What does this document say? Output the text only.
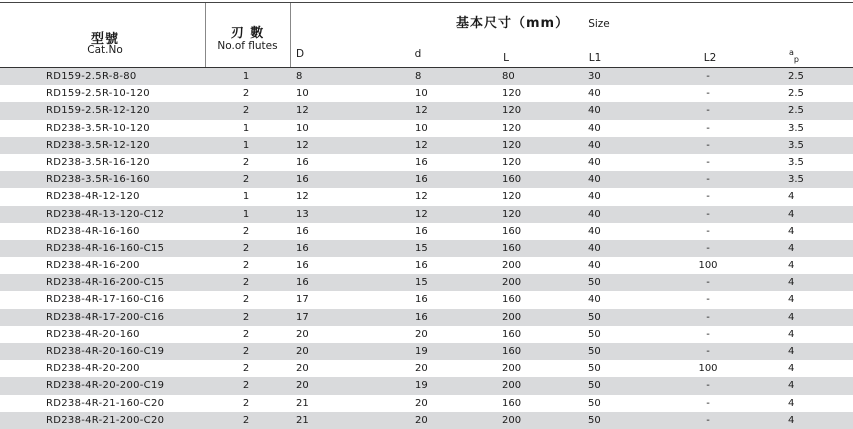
型號
Cat.No
刃 數
No.of flutes
基本尺寸（mm） Size
D	d	L	L1	L2	$^a_p$
RD159-2.5R-8-80	1	8	8	80	30	-	2.5
RD159-2.5R-10-120	2	10	10	120	40	-	2.5
RD159-2.5R-12-120	2	12	12	120	40	-	2.5
RD238-3.5R-10-120	1	10	10	120	40	-	3.5
RD238-3.5R-12-120	1	12	12	120	40	-	3.5
RD238-3.5R-16-120	2	16	16	120	40	-	3.5
RD238-3.5R-16-160	2	16	16	160	40	-	3.5
RD238-4R-12-120	1	12	12	120	40	-	4
RD238-4R-13-120-C12	1	13	12	120	40	-	4
RD238-4R-16-160	2	16	16	160	40	-	4
RD238-4R-16-160-C15	2	16	15	160	40	-	4
RD238-4R-16-200	2	16	16	200	40	100	4
RD238-4R-16-200-C15	2	16	15	200	50	-	4
RD238-4R-17-160-C16	2	17	16	160	40	-	4
RD238-4R-17-200-C16	2	17	16	200	50	-	4
RD238-4R-20-160	2	20	20	160	50	-	4
RD238-4R-20-160-C19	2	20	19	160	50	-	4
RD238-4R-20-200	2	20	20	200	50	100	4
RD238-4R-20-200-C19	2	20	19	200	50	-	4
RD238-4R-21-160-C20	2	21	20	160	50	-	4
RD238-4R-21-200-C20	2	21	20	200	50	-	4
